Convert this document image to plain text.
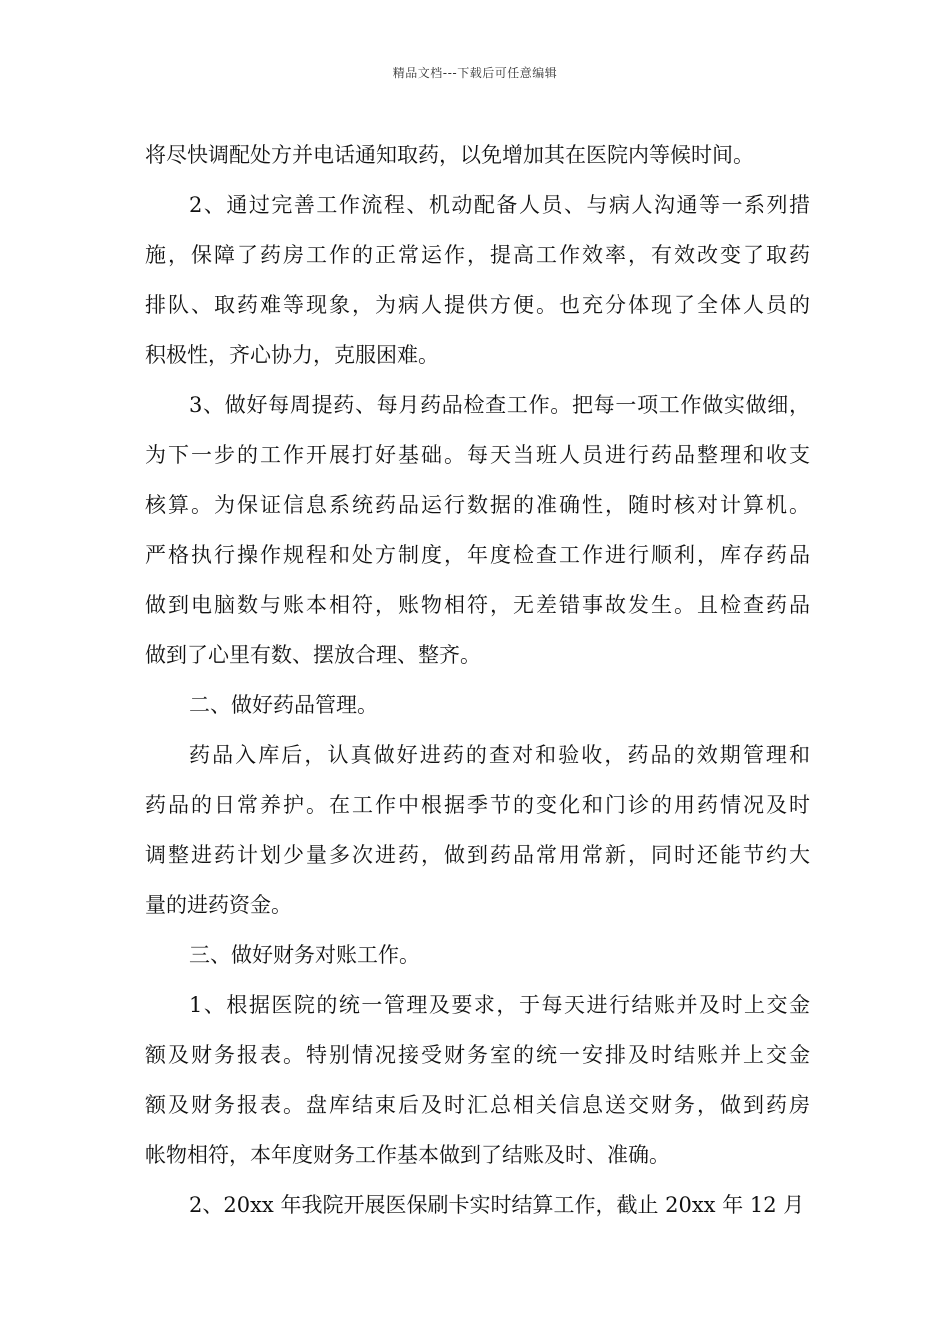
精品文档---下载后可任意编辑
将尽快调配处方并电话通知取药，以免增加其在医院内等候时间。
2、通过完善工作流程、机动配备人员、与病人沟通等一系列措
施，保障了药房工作的正常运作，提高工作效率，有效改变了取药
排队、取药难等现象，为病人提供方便。也充分体现了全体人员的
积极性，齐心协力，克服困难。
3、做好每周提药、每月药品检查工作。把每一项工作做实做细，
为下一步的工作开展打好基础。每天当班人员进行药品整理和收支
核算。为保证信息系统药品运行数据的准确性，随时核对计算机。
严格执行操作规程和处方制度，年度检查工作进行顺利，库存药品
做到电脑数与账本相符，账物相符，无差错事故发生。且检查药品
做到了心里有数、摆放合理、整齐。
二、做好药品管理。
药品入库后，认真做好进药的查对和验收，药品的效期管理和
药品的日常养护。在工作中根据季节的变化和门诊的用药情况及时
调整进药计划少量多次进药，做到药品常用常新，同时还能节约大
量的进药资金。
三、做好财务对账工作。
1、根据医院的统一管理及要求，于每天进行结账并及时上交金
额及财务报表。特别情况接受财务室的统一安排及时结账并上交金
额及财务报表。盘库结束后及时汇总相关信息送交财务，做到药房
帐物相符，本年度财务工作基本做到了结账及时、准确。
2、20xx 年我院开展医保刷卡实时结算工作，截止 20xx 年 12 月
